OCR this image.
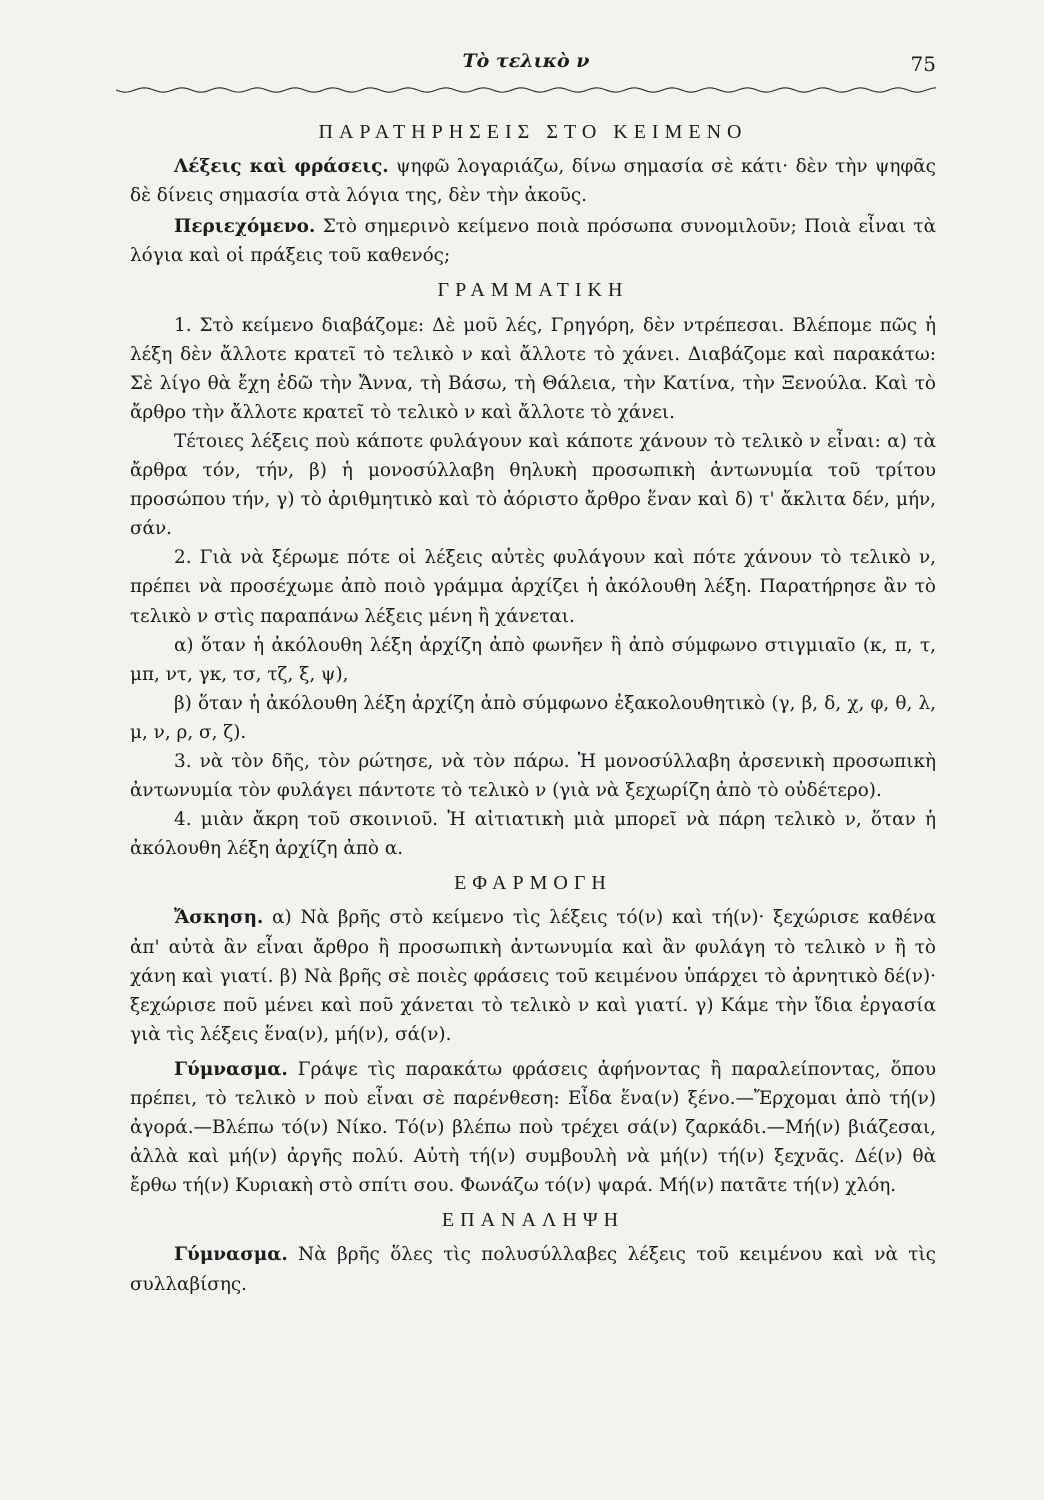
Τὸ τελικὸ ν	75
ΠΑΡΑΤΗΡΗΣΕΙΣ ΣΤΟ ΚΕΙΜΕΝΟ

Λέξεις καὶ φράσεις. ψηφῶ λογαριάζω, δίνω σημασία σὲ κάτι· δὲν τὴν ψηφᾶς δὲ δίνεις σημασία στὰ λόγια της, δὲν τὴν ἀκοῦς.

Περιεχόμενο. Στὸ σημερινὸ κείμενο ποιὰ πρόσωπα συνομιλοῦν; Ποιὰ εἶναι τὰ λόγια καὶ οἱ πράξεις τοῦ καθενός;

ΓΡΑΜΜΑΤΙΚΗ

1. Στὸ κείμενο διαβάζομε: Δὲ μοῦ λές, Γρηγόρη, δὲν ντρέπεσαι. Βλέπομε πῶς ἡ λέξη δὲν ἄλλοτε κρατεῖ τὸ τελικὸ ν καὶ ἄλλοτε τὸ χάνει. Διαβάζομε καὶ παρακάτω: Σὲ λίγο θὰ ἔχη ἐδῶ τὴν Ἄννα, τὴ Βάσω, τὴ Θάλεια, τὴν Κατίνα, τὴν Ξενούλα. Καὶ τὸ ἄρθρο τὴν ἄλλοτε κρατεῖ τὸ τελικὸ ν καὶ ἄλλοτε τὸ χάνει.

Τέτοιες λέξεις ποὺ κάποτε φυλάγουν καὶ κάποτε χάνουν τὸ τελικὸ ν εἶναι: α) τὰ ἄρθρα τόν, τήν, β) ἡ μονοσύλλαβη θηλυκὴ προσωπικὴ ἀντωνυμία τοῦ τρίτου προσώπου τήν, γ) τὸ ἀριθμητικὸ καὶ τὸ ἀόριστο ἄρθρο ἕναν καὶ δ) τ' ἄκλιτα δέν, μήν, σάν.

2. Γιὰ νὰ ξέρωμε πότε οἱ λέξεις αὐτὲς φυλάγουν καὶ πότε χάνουν τὸ τελικὸ ν, πρέπει νὰ προσέχωμε ἀπὸ ποιὸ γράμμα ἀρχίζει ἡ ἀκόλουθη λέξη. Παρατήρησε ἂν τὸ τελικὸ ν στὶς παραπάνω λέξεις μένη ἢ χάνεται.

α) ὅταν ἡ ἀκόλουθη λέξη ἀρχίζη ἀπὸ φωνῆεν ἢ ἀπὸ σύμφωνο στιγμιαῖο (κ, π, τ, μπ, ντ, γκ, τσ, τζ, ξ, ψ),

β) ὅταν ἡ ἀκόλουθη λέξη ἀρχίζη ἀπὸ σύμφωνο ἐξακολουθητικὸ (γ, β, δ, χ, φ, θ, λ, μ, ν, ρ, σ, ζ).

3. νὰ τὸν δῆς, τὸν ρώτησε, νὰ τὸν πάρω. Ἡ μονοσύλλαβη ἀρσενικὴ προσωπικὴ ἀντωνυμία τὸν φυλάγει πάντοτε τὸ τελικὸ ν (γιὰ νὰ ξεχωρίζη ἀπὸ τὸ οὐδέτερο).

4. μιὰν ἄκρη τοῦ σκοινιοῦ. Ἡ αἰτιατικὴ μιὰ μπορεῖ νὰ πάρη τελικὸ ν, ὅταν ἡ ἀκόλουθη λέξη ἀρχίζη ἀπὸ α.

ΕΦΑΡΜΟΓΗ

Ἄσκηση. α) Νὰ βρῆς στὸ κείμενο τὶς λέξεις τό(ν) καὶ τή(ν)· ξεχώρισε καθένα ἀπ' αὐτὰ ἂν εἶναι ἄρθρο ἢ προσωπικὴ ἀντωνυμία καὶ ἂν φυλάγη τὸ τελικὸ ν ἢ τὸ χάνη καὶ γιατί. β) Νὰ βρῆς σὲ ποιὲς φράσεις τοῦ κειμένου ὑπάρχει τὸ ἀρνητικὸ δέ(ν)· ξεχώρισε ποῦ μένει καὶ ποῦ χάνεται τὸ τελικὸ ν καὶ γιατί. γ) Κάμε τὴν ἴδια ἐργασία γιὰ τὶς λέξεις ἕνα(ν), μή(ν), σά(ν).

Γύμνασμα. Γράψε τὶς παρακάτω φράσεις ἀφήνοντας ἢ παραλείποντας, ὅπου πρέπει, τὸ τελικὸ ν ποὺ εἶναι σὲ παρένθεση: Εἶδα ἕνα(ν) ξένο.—Ἔρχομαι ἀπὸ τή(ν) ἀγορά.—Βλέπω τό(ν) Νίκο. Τό(ν) βλέπω ποὺ τρέχει σά(ν) ζαρκάδι.—Μή(ν) βιάζεσαι, ἀλλὰ καὶ μή(ν) ἀργῆς πολύ. Αὐτὴ τή(ν) συμβουλὴ νὰ μή(ν) τή(ν) ξεχνᾶς. Δέ(ν) θὰ ἔρθω τή(ν) Κυριακὴ στὸ σπίτι σου. Φωνάζω τό(ν) ψαρά. Μή(ν) πατᾶτε τή(ν) χλόη.

ΕΠΑΝΑΛΗΨΗ

Γύμνασμα. Νὰ βρῆς ὅλες τὶς πολυσύλλαβες λέξεις τοῦ κειμένου καὶ νὰ τὶς συλλαβίσης.
